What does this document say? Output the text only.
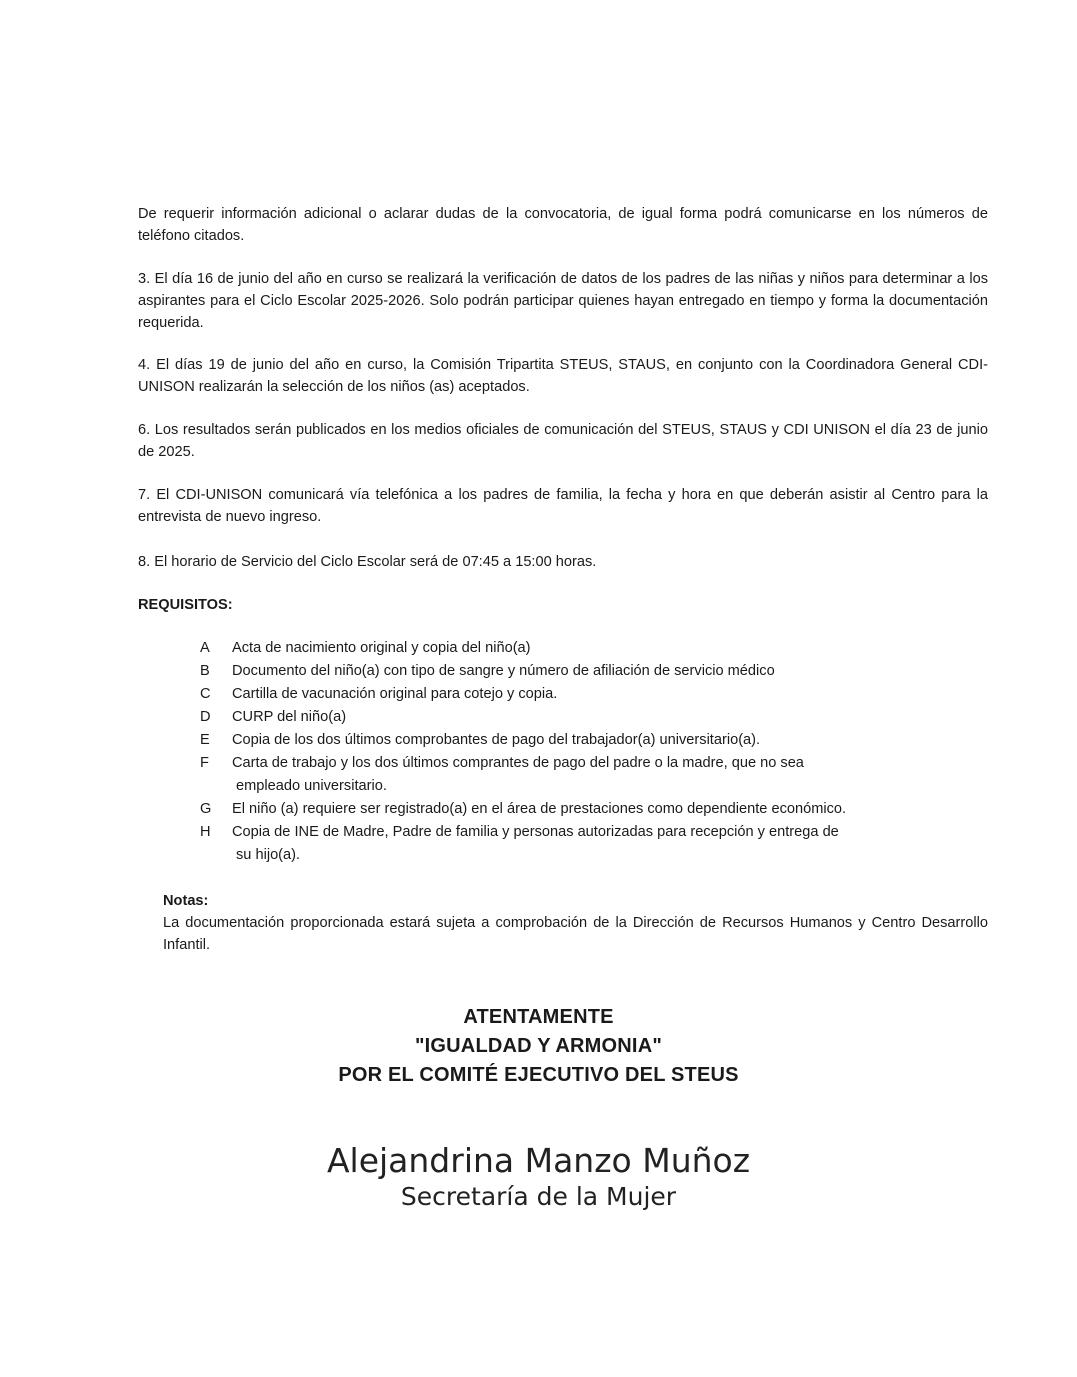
De requerir información adicional o aclarar dudas de la convocatoria, de igual forma podrá comunicarse en los números de teléfono citados.

3. El día 16 de junio del año en curso se realizará la verificación de datos de los padres de las niñas y niños para determinar a los aspirantes para el Ciclo Escolar 2025-2026. Solo podrán participar quienes hayan entregado en tiempo y forma la documentación requerida.

4. El días 19 de junio del año en curso, la Comisión Tripartita STEUS, STAUS, en conjunto con la Coordinadora General CDI-UNISON realizarán la selección de los niños (as) aceptados.

6. Los resultados serán publicados en los medios oficiales de comunicación del STEUS, STAUS y CDI UNISON el día 23 de junio de 2025.

7. El CDI-UNISON comunicará vía telefónica a los padres de familia, la fecha y hora en que deberán asistir al Centro para la entrevista de nuevo ingreso.

8. El horario de Servicio del Ciclo Escolar será de 07:45 a 15:00 horas.

REQUISITOS:
A	Acta de nacimiento original y copia del niño(a)
B	Documento del niño(a) con tipo de sangre y número de afiliación de servicio médico
C	Cartilla de vacunación original para cotejo y copia.
D	CURP del niño(a)
E	Copia de los dos últimos comprobantes de pago del trabajador(a) universitario(a).
F	Carta de trabajo y los dos últimos comprantes de pago del padre o la madre, que no sea
empleado universitario.
G	El niño (a) requiere ser registrado(a) en el área de prestaciones como dependiente económico.
H	Copia de INE de Madre, Padre de familia y personas autorizadas para recepción y entrega de
su hijo(a).
Notas:
La documentación proporcionada estará sujeta a comprobación de la Dirección de Recursos Humanos y Centro Desarrollo Infantil.
ATENTAMENTE
"IGUALDAD Y ARMONIA"
POR EL COMITÉ EJECUTIVO DEL STEUS
Alejandrina Manzo Muñoz
Secretaría de la Mujer
